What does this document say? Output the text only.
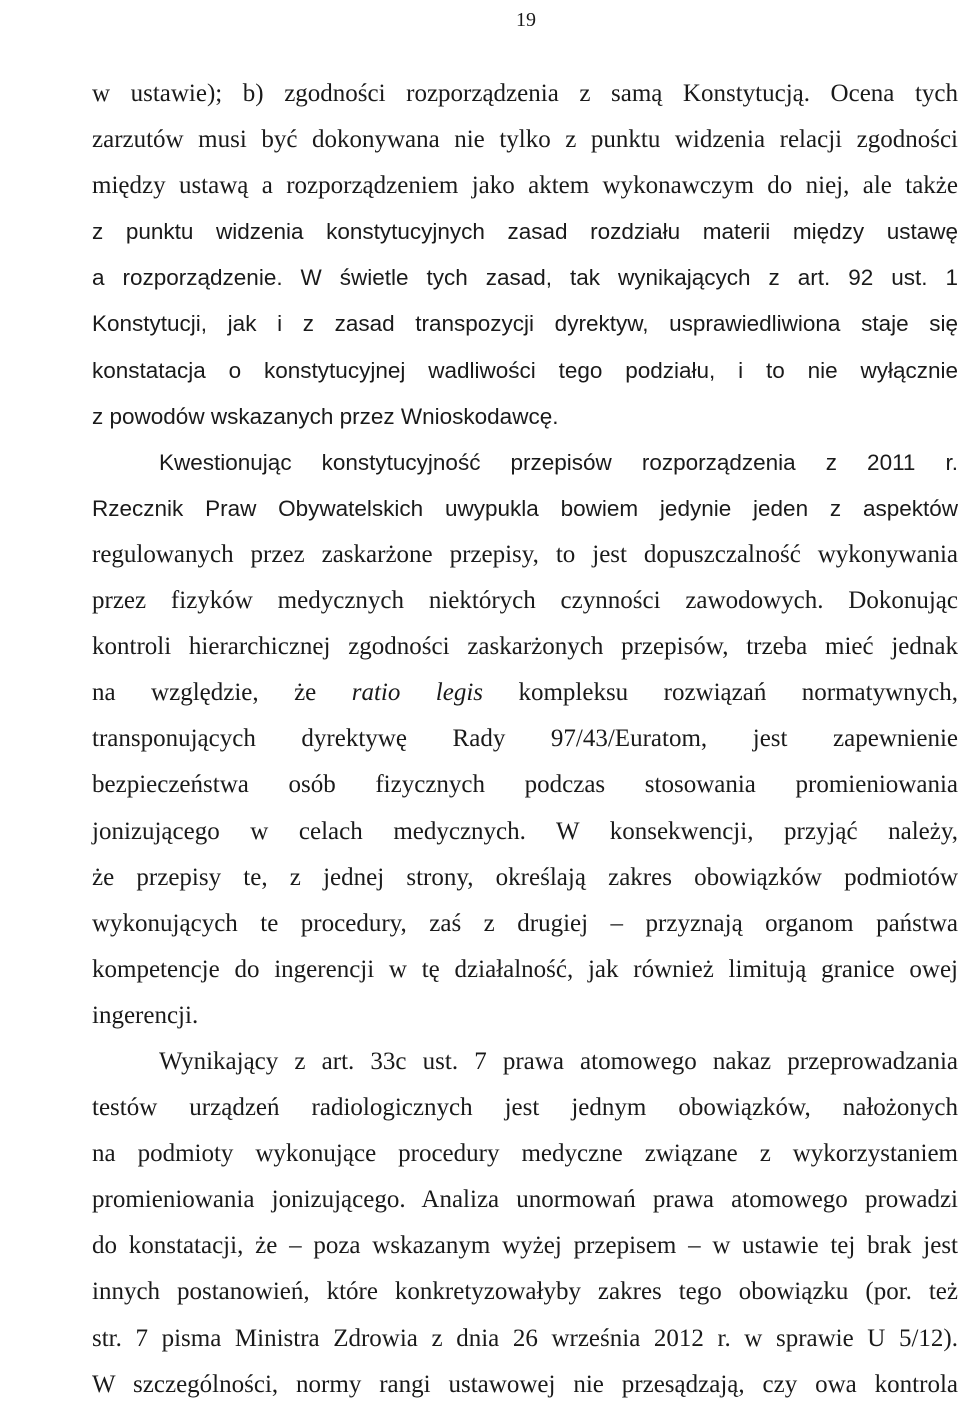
19
w ustawie); b) zgodności rozporządzenia z samą Konstytucją. Ocena tych
zarzutów musi być dokonywana nie tylko z punktu widzenia relacji zgodności
między ustawą a rozporządzeniem jako aktem wykonawczym do niej, ale także
z punktu widzenia konstytucyjnych zasad rozdziału materii między ustawę
a rozporządzenie. W świetle tych zasad, tak wynikających z art. 92 ust. 1
Konstytucji, jak i z zasad transpozycji dyrektyw, usprawiedliwiona staje się
konstatacja o konstytucyjnej wadliwości tego podziału, i to nie wyłącznie
z powodów wskazanych przez Wnioskodawcę.
Kwestionując konstytucyjność przepisów rozporządzenia z 2011 r.
Rzecznik Praw Obywatelskich uwypukla bowiem jedynie jeden z aspektów
regulowanych przez zaskarżone przepisy, to jest dopuszczalność wykonywania
przez fizyków medycznych niektórych czynności zawodowych. Dokonując
kontroli hierarchicznej zgodności zaskarżonych przepisów, trzeba mieć jednak
na względzie, że ratio legis kompleksu rozwiązań normatywnych,
transponujących dyrektywę Rady 97/43/Euratom, jest zapewnienie
bezpieczeństwa osób fizycznych podczas stosowania promieniowania
jonizującego w celach medycznych. W konsekwencji, przyjąć należy,
że przepisy te, z jednej strony, określają zakres obowiązków podmiotów
wykonujących te procedury, zaś z drugiej – przyznają organom państwa
kompetencje do ingerencji w tę działalność, jak również limitują granice owej
ingerencji.
Wynikający z art. 33c ust. 7 prawa atomowego nakaz przeprowadzania
testów urządzeń radiologicznych jest jednym obowiązków, nałożonych
na podmioty wykonujące procedury medyczne związane z wykorzystaniem
promieniowania jonizującego. Analiza unormowań prawa atomowego prowadzi
do konstatacji, że – poza wskazanym wyżej przepisem – w ustawie tej brak jest
innych postanowień, które konkretyzowałyby zakres tego obowiązku (por. też
str. 7 pisma Ministra Zdrowia z dnia 26 września 2012 r. w sprawie U 5/12).
W szczególności, normy rangi ustawowej nie przesądzają, czy owa kontrola
